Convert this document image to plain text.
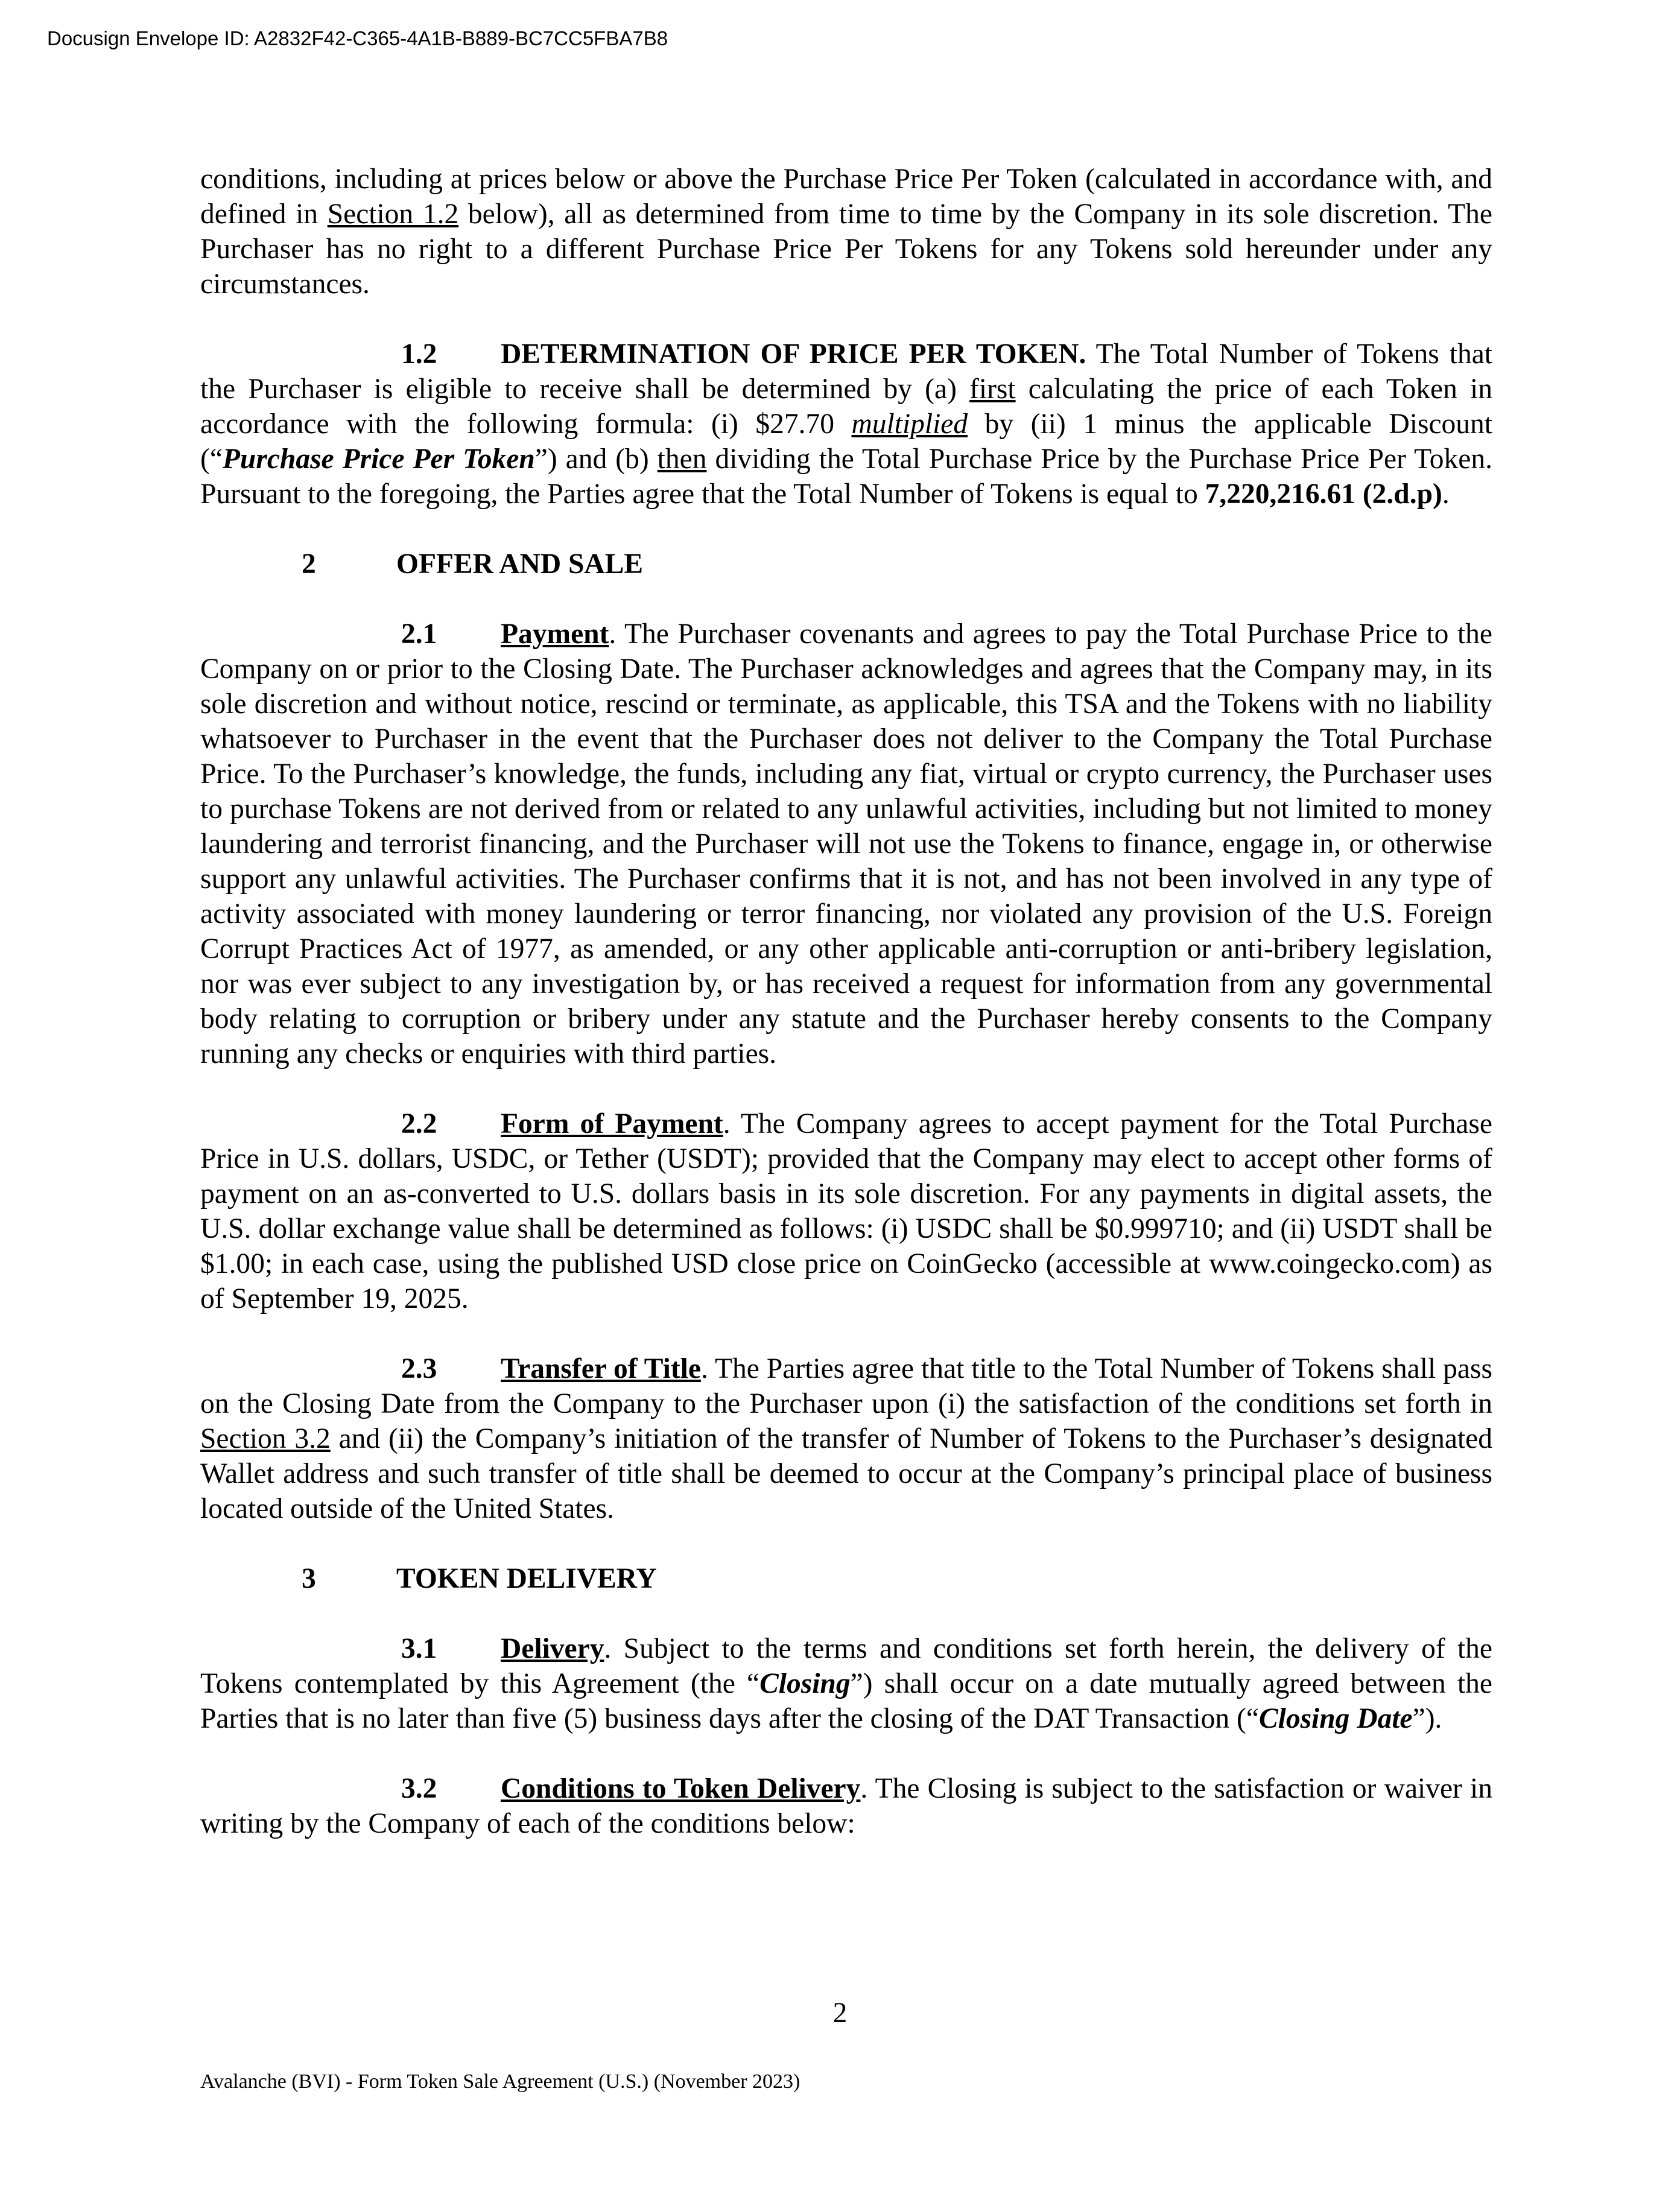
Docusign Envelope ID: A2832F42-C365-4A1B-B889-BC7CC5FBA7B8

conditions, including at prices below or above the Purchase Price Per Token (calculated in accordance with, and defined in Section 1.2 below), all as determined from time to time by the Company in its sole discretion. The Purchaser has no right to a different Purchase Price Per Tokens for any Tokens sold hereunder under any circumstances.

1.2 DETERMINATION OF PRICE PER TOKEN. The Total Number of Tokens that the Purchaser is eligible to receive shall be determined by (a) first calculating the price of each Token in accordance with the following formula: (i) $27.70 multiplied by (ii) 1 minus the applicable Discount (“Purchase Price Per Token”) and (b) then dividing the Total Purchase Price by the Purchase Price Per Token. Pursuant to the foregoing, the Parties agree that the Total Number of Tokens is equal to 7,220,216.61 (2.d.p).

2	OFFER AND SALE

2.1 Payment. The Purchaser covenants and agrees to pay the Total Purchase Price to the Company on or prior to the Closing Date. The Purchaser acknowledges and agrees that the Company may, in its sole discretion and without notice, rescind or terminate, as applicable, this TSA and the Tokens with no liability whatsoever to Purchaser in the event that the Purchaser does not deliver to the Company the Total Purchase Price. To the Purchaser’s knowledge, the funds, including any fiat, virtual or crypto currency, the Purchaser uses to purchase Tokens are not derived from or related to any unlawful activities, including but not limited to money laundering and terrorist financing, and the Purchaser will not use the Tokens to finance, engage in, or otherwise support any unlawful activities. The Purchaser confirms that it is not, and has not been involved in any type of activity associated with money laundering or terror financing, nor violated any provision of the U.S. Foreign Corrupt Practices Act of 1977, as amended, or any other applicable anti-corruption or anti-bribery legislation, nor was ever subject to any investigation by, or has received a request for information from any governmental body relating to corruption or bribery under any statute and the Purchaser hereby consents to the Company running any checks or enquiries with third parties.

2.2 Form of Payment. The Company agrees to accept payment for the Total Purchase Price in U.S. dollars, USDC, or Tether (USDT); provided that the Company may elect to accept other forms of payment on an as-converted to U.S. dollars basis in its sole discretion. For any payments in digital assets, the U.S. dollar exchange value shall be determined as follows: (i) USDC shall be $0.999710; and (ii) USDT shall be $1.00; in each case, using the published USD close price on CoinGecko (accessible at www.coingecko.com) as of September 19, 2025.

2.3 Transfer of Title. The Parties agree that title to the Total Number of Tokens shall pass on the Closing Date from the Company to the Purchaser upon (i) the satisfaction of the conditions set forth in Section 3.2 and (ii) the Company’s initiation of the transfer of Number of Tokens to the Purchaser’s designated Wallet address and such transfer of title shall be deemed to occur at the Company’s principal place of business located outside of the United States.

3	TOKEN DELIVERY

3.1 Delivery. Subject to the terms and conditions set forth herein, the delivery of the Tokens contemplated by this Agreement (the “Closing”) shall occur on a date mutually agreed between the Parties that is no later than five (5) business days after the closing of the DAT Transaction (“Closing Date”).

3.2 Conditions to Token Delivery. The Closing is subject to the satisfaction or waiver in writing by the Company of each of the conditions below:

2
Avalanche (BVI) - Form Token Sale Agreement (U.S.) (November 2023)
